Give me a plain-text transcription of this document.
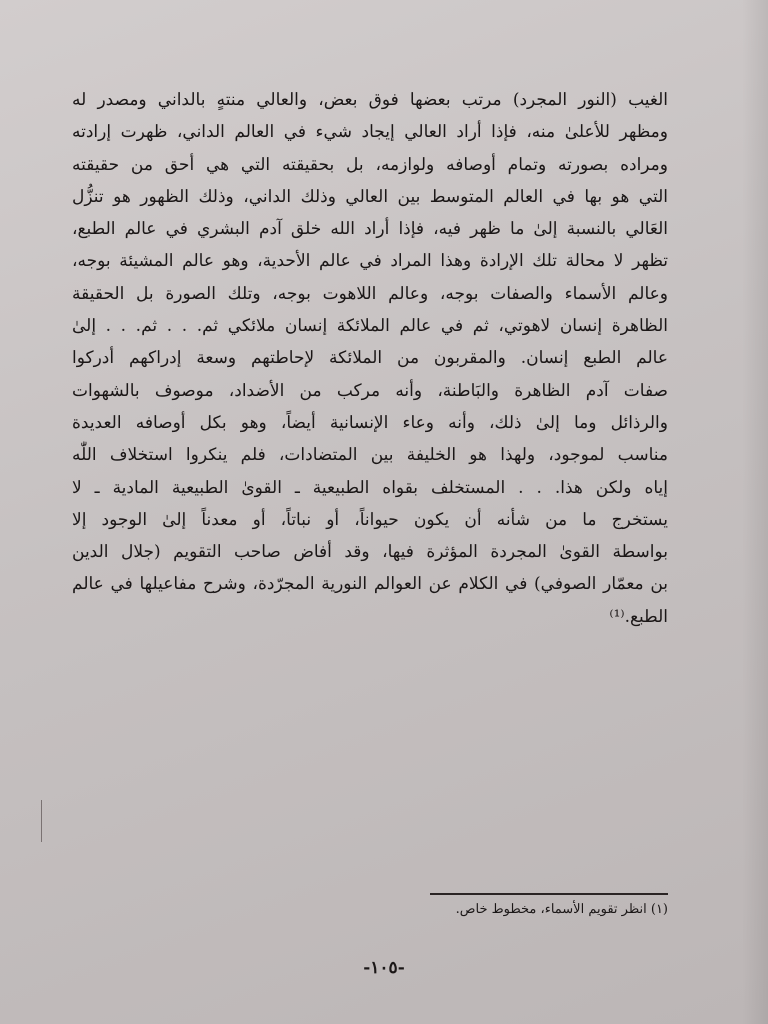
الغيب (النور المجرد) مرتب بعضها فوق بعض، والعالي منتهٍ بالداني ومصدر له
ومظهر للأعلىٰ منه، فإذا أراد العالي إيجاد شيء في العالم الداني، ظهرت إرادته
ومراده بصورته وتمام أوصافه ولوازمه، بل بحقيقته التي هي أحق من حقيقته
التي هو بها في العالم المتوسط بين العالي وذلك الداني، وذلك الظهور هو تنزُّل
العَالي بالنسبة إلىٰ ما ظهر فيه، فإذا أراد الله خلق آدم البشري في عالم الطبع،
تظهر لا محالة تلك الإرادة وهذا المراد في عالم الأحدية، وهو عالم المشيئة بوجه،
وعالم الأسماء والصفات بوجه، وعالم اللاهوت بوجه، وتلك الصورة بل الحقيقة
الظاهرة إنسان لاهوتي، ثم في عالم الملائكة إنسان ملائكي ثم. . . ثم. . . إلىٰ
عالم الطبع إنسان. والمقربون من الملائكة لإحاطتهم وسعة إدراكهم أدركوا
صفات آدم الظاهرة والبَاطنة، وأنه مركب من الأضداد، موصوف بالشهوات
والرذائل وما إلىٰ ذلك، وأنه وعاء الإنسانية أيضاً، وهو بكل أوصافه العديدة
مناسب لموجود، ولهذا هو الخليفة بين المتضادات، فلم ينكروا استخلاف اللّٰه
إياه ولكن هذا. . . المستخلف بقواه الطبيعية ـ القوىٰ الطبيعية المادية ـ لا
يستخرج ما من شأنه أن يكون حيواناً، أو نباتاً، أو معدناً إلىٰ الوجود إلا
بواسطة القوىٰ المجردة المؤثرة فيها، وقد أفاض صاحب التقويم (جلال الدين
بن معمّار الصوفي) في الكلام عن العوالم النورية المجرّدة، وشرح مفاعيلها في عالم
الطبع.⁽¹⁾
(١) انظر تقويم الأسماء، مخطوط خاص.
-١٠٥-
